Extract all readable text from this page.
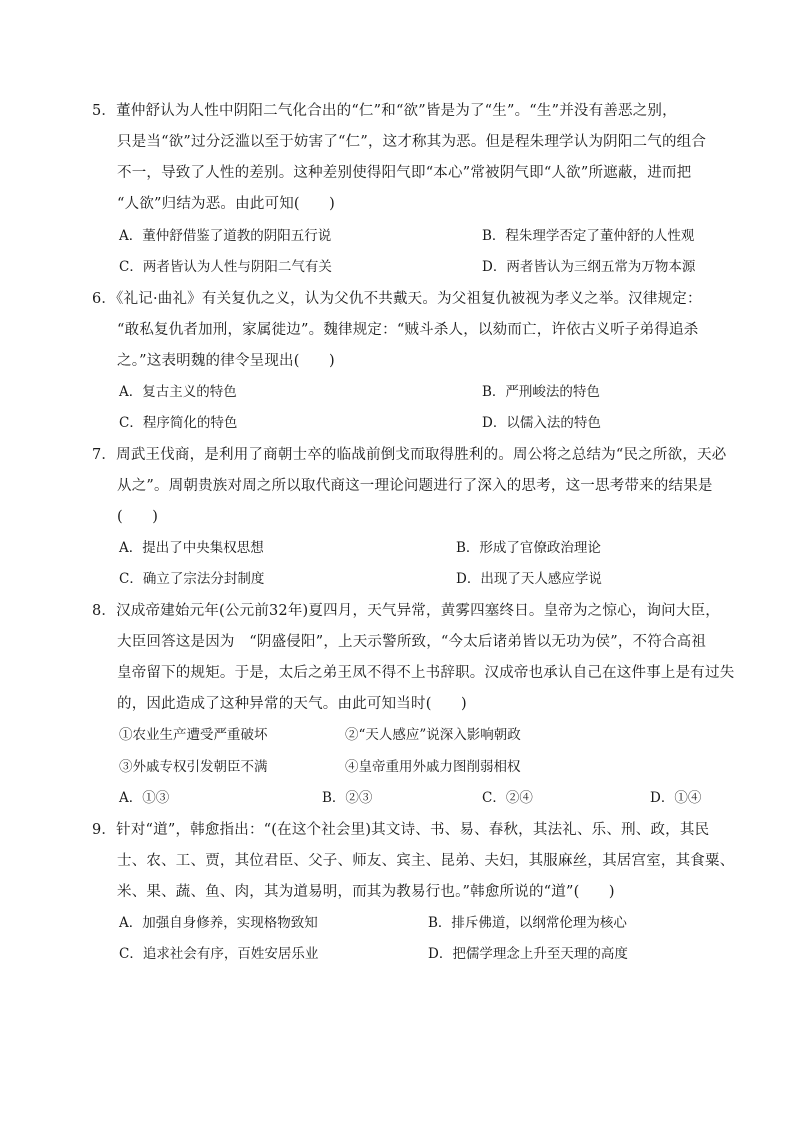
5．董仲舒认为人性中阴阳二气化合出的“仁”和“欲”皆是为了“生”。“生”并没有善恶之别，
只是当“欲”过分泛滥以至于妨害了“仁”，这才称其为恶。但是程朱理学认为阴阳二气的组合
不一，导致了人性的差别。这种差别使得阳气即“本心”常被阴气即“人欲”所遮蔽，进而把
“人欲”归结为恶。由此可知(　　)
A．董仲舒借鉴了道教的阴阳五行说	B．程朱理学否定了董仲舒的人性观
C．两者皆认为人性与阴阳二气有关	D．两者皆认为三纲五常为万物本源
6．《礼记·曲礼》有关复仇之义，认为父仇不共戴天。为父祖复仇被视为孝义之举。汉律规定：
“敢私复仇者加刑，家属徙边”。魏律规定：“贼斗杀人，以劾而亡，许依古义听子弟得追杀
之。”这表明魏的律令呈现出(　　)
A．复古主义的特色	B．严刑峻法的特色
C．程序简化的特色	D．以儒入法的特色
7．周武王伐商，是利用了商朝士卒的临战前倒戈而取得胜利的。周公将之总结为“民之所欲，天必
从之”。周朝贵族对周之所以取代商这一理论问题进行了深入的思考，这一思考带来的结果是
(　　)
A．提出了中央集权思想	B．形成了官僚政治理论
C．确立了宗法分封制度	D．出现了天人感应学说
8．汉成帝建始元年(公元前32年)夏四月，天气异常，黄雾四塞终日。皇帝为之惊心，询问大臣，
大臣回答这是因为　“阴盛侵阳”，上天示警所致，“今太后诸弟皆以无功为侯”，不符合高祖
皇帝留下的规矩。于是，太后之弟王凤不得不上书辞职。汉成帝也承认自己在这件事上是有过失
的，因此造成了这种异常的天气。由此可知当时(　　)
①农业生产遭受严重破坏	②“天人感应”说深入影响朝政
③外戚专权引发朝臣不满	④皇帝重用外戚力图削弱相权
A．①③	B．②③	C．②④	D．①④
9．针对“道”，韩愈指出：“(在这个社会里)其文诗、书、易、春秋，其法礼、乐、刑、政，其民
士、农、工、贾，其位君臣、父子、师友、宾主、昆弟、夫妇，其服麻丝，其居宫室，其食粟、
米、果、蔬、鱼、肉，其为道易明，而其为教易行也。”韩愈所说的“道”(　　)
A．加强自身修养，实现格物致知	B．排斥佛道，以纲常伦理为核心
C．追求社会有序，百姓安居乐业	D．把儒学理念上升至天理的高度
